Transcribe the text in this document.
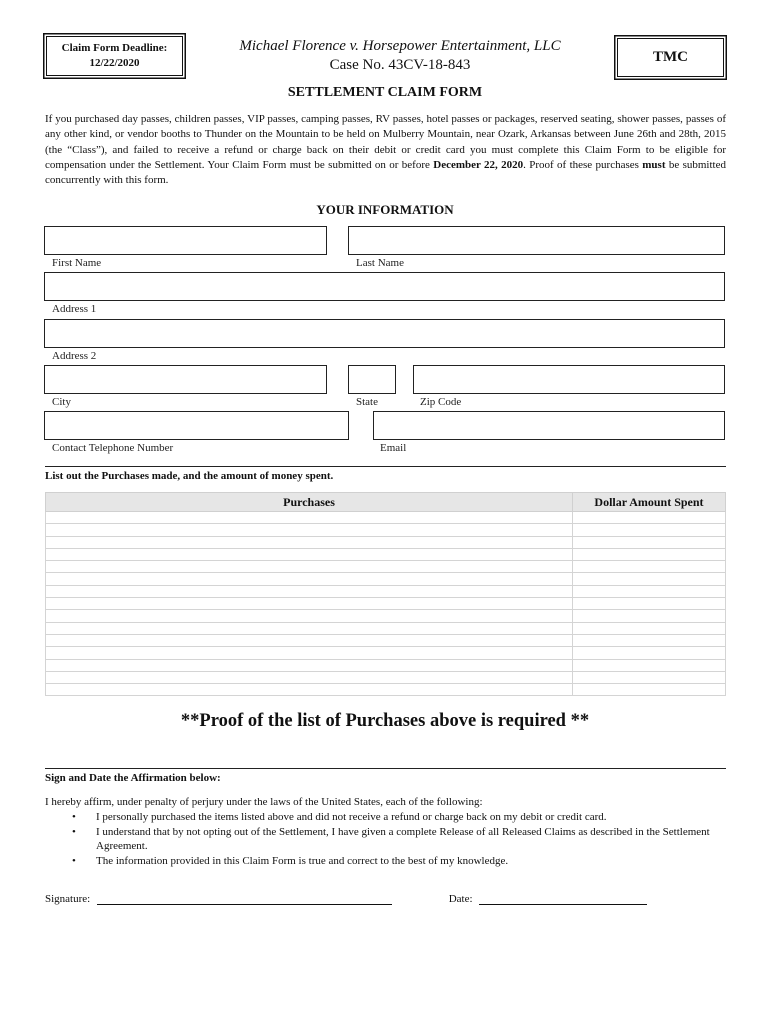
Claim Form Deadline:
12/22/2020
Michael Florence v. Horsepower Entertainment, LLC
Case No. 43CV-18-843	TMC
SETTLEMENT CLAIM FORM
If you purchased day passes, children passes, VIP passes, camping passes, RV passes, hotel passes or packages, reserved seating, shower passes, passes of any other kind, or vendor booths to Thunder on the Mountain to be held on Mulberry Mountain, near Ozark, Arkansas between June 26th and 28th, 2015 (the “Class”), and failed to receive a refund or charge back on their debit or credit card you must complete this Claim Form to be eligible for compensation under the Settlement. Your Claim Form must be submitted on or before December 22, 2020. Proof of these purchases must be submitted concurrently with this form.
YOUR INFORMATION
First Name	Last Name
Address 1
Address 2
City	State	Zip Code
Contact Telephone Number	Email
List out the Purchases made, and the amount of money spent.
Purchases	Dollar Amount Spent

**Proof of the list of Purchases above is required **
Sign and Date the Affirmation below:
I hereby affirm, under penalty of perjury under the laws of the United States, each of the following:
• I personally purchased the items listed above and did not receive a refund or charge back on my debit or credit card.
• I understand that by not opting out of the Settlement, I have given a complete Release of all Released Claims as described in the Settlement Agreement.
• The information provided in this Claim Form is true and correct to the best of my knowledge.
Signature:	Date:
